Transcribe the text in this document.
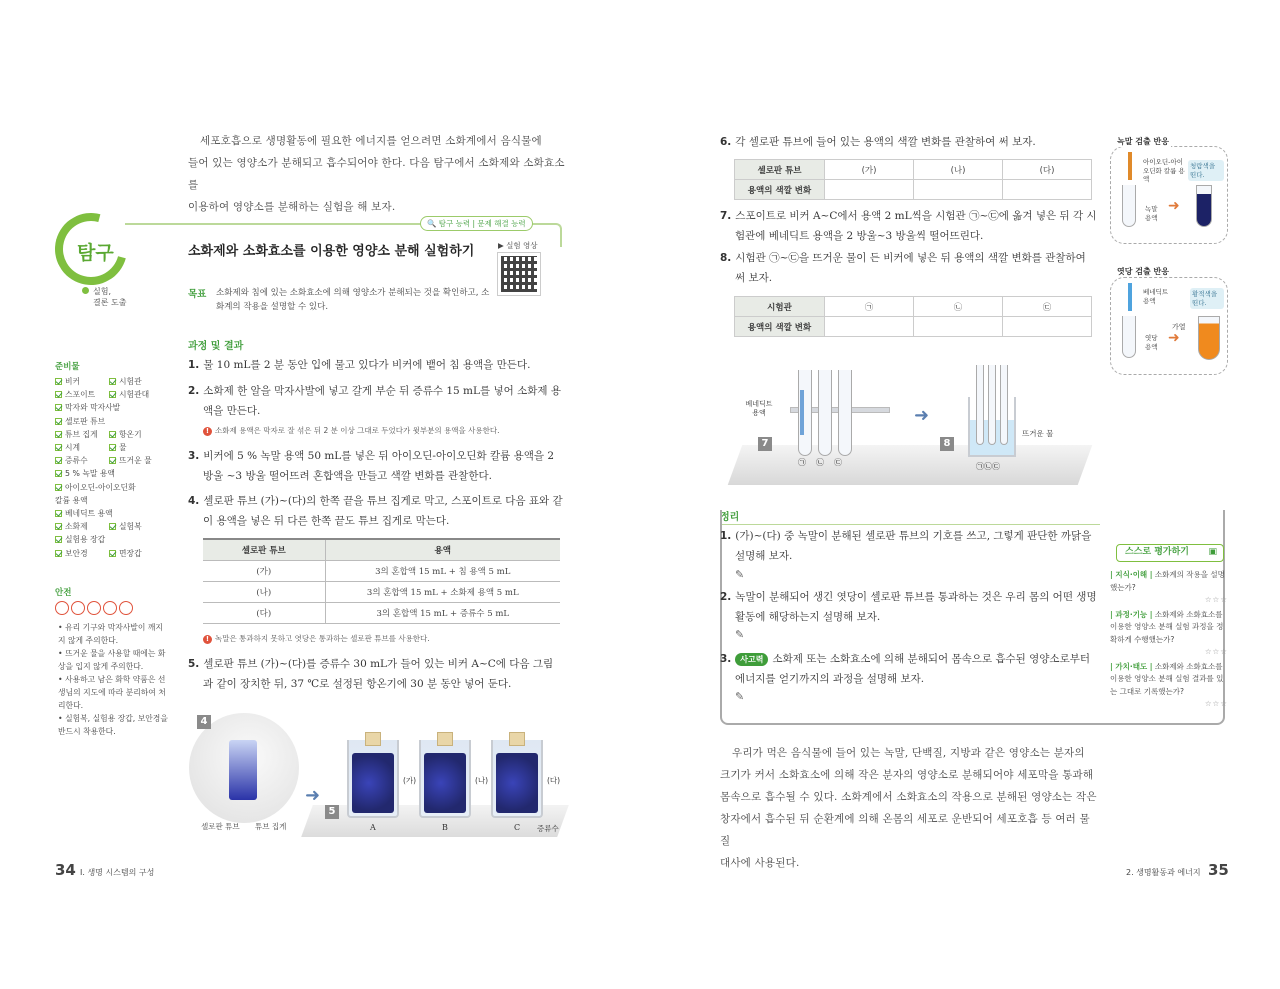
세포호흡으로 생명활동에 필요한 에너지를 얻으려면 소화계에서 음식물에
들어 있는 영양소가 분해되고 흡수되어야 한다. 다음 탐구에서 소화제와 소화효소를
이용하여 영양소를 분해하는 실험을 해 보자.
탐구
🔍 탐구 능력 | 문제 해결 능력
실험,
결론 도출
소화제와 소화효소를 이용한 영양소 분해 실험하기	▶ 실험 영상
목표 소화제와 침에 있는 소화효소에 의해 영양소가 분해되는 것을 확인하고, 소화계의 작용을 설명할 수 있다.
과정 및 결과
준비물
비커	시험관
스포이트	시험관대
막자와 막자사발
셀로판 튜브
튜브 집게	항온기
시계	물
증류수	뜨거운 물
5 % 녹말 용액
아이오딘-아이오딘화 칼륨 용액
베네딕트 용액
소화제	실험복
실험용 장갑
보안경	면장갑
안전
• 유리 기구와 막자사발이 깨지지 않게 주의한다.
• 뜨거운 물을 사용할 때에는 화상을 입지 않게 주의한다.
• 사용하고 남은 화학 약품은 선생님의 지도에 따라 분리하여 처리한다.
• 실험복, 실험용 장갑, 보안경을 반드시 착용한다.
1. 물 10 mL를 2 분 동안 입에 물고 있다가 비커에 뱉어 침 용액을 만든다.
2. 소화제 한 알을 막자사발에 넣고 갈게 부순 뒤 증류수 15 mL를 넣어 소화제 용액을 만든다.
! 소화제 용액은 막자로 잘 섞은 뒤 2 분 이상 그대로 두었다가 윗부분의 용액을 사용한다.
3. 비커에 5 % 녹말 용액 50 mL를 넣은 뒤 아이오딘-아이오딘화 칼륨 용액을 2 방울 ~3 방울 떨어뜨려 혼합액을 만들고 색깔 변화를 관찰한다.
4. 셀로판 튜브 (가)~(다)의 한쪽 끝을 튜브 집게로 막고, 스포이트로 다음 표와 같이 용액을 넣은 뒤 다른 한쪽 끝도 튜브 집게로 막는다.
셀로판 튜브	용액
(가)	3의 혼합액 15 mL + 침 용액 5 mL
(나)	3의 혼합액 15 mL + 소화제 용액 5 mL
(다)	3의 혼합액 15 mL + 증류수 5 mL
! 녹말은 통과하지 못하고 엿당은 통과하는 셀로판 튜브를 사용한다.
5. 셀로판 튜브 (가)~(다)를 증류수 30 mL가 들어 있는 비커 A~C에 다음 그림과 같이 장치한 뒤, 37 ℃로 설정된 항온기에 30 분 동안 넣어 둔다.
4
셀로판 튜브 튜브 집게
➜
5
(가)	(나)	(다)
A	B	C 증류수
34 I. 생명 시스템의 구성
6. 각 셀로판 튜브에 들어 있는 용액의 색깔 변화를 관찰하여 써 보자.
셀로판 튜브	(가)	(나)	(다)
용액의 색깔 변화			
7. 스포이트로 비커 A~C에서 용액 2 mL씩을 시험관 ㉠~㉢에 옮겨 넣은 뒤 각 시험관에 베네딕트 용액을 2 방울~3 방울씩 떨어뜨린다.
8. 시험관 ㉠~㉢을 뜨거운 물이 든 비커에 넣은 뒤 용액의 색깔 변화를 관찰하여 써 보자.
시험관	㉠	㉡	㉢
용액의 색깔 변화			
베네딕트 용액
7
㉠ ㉡ ㉢
➜
8
뜨거운 물
㉠㉡㉢
녹말 검출 반응
아이오딘-아이오딘화 칼륨 용액
녹말 용액
➜
청람색을 띤다.
엿당 검출 반응
베네딕트 용액
엿당 용액
가열
➜
황적색을 띤다.
정리
1. (가)~(다) 중 녹말이 분해된 셀로판 튜브의 기호를 쓰고, 그렇게 판단한 까닭을 설명해 보자.
✎
2. 녹말이 분해되어 생긴 엿당이 셀로판 튜브를 통과하는 것은 우리 몸의 어떤 생명 활동에 해당하는지 설명해 보자.
✎
3. 사고력 소화제 또는 소화효소에 의해 분해되어 몸속으로 흡수된 영양소로부터 에너지를 얻기까지의 과정을 설명해 보자.
✎
스스로 평가하기 ▣
| 지식·이해 | 소화계의 작용을 설명했는가?
☆☆☆
| 과정·기능 | 소화제와 소화효소를 이용한 영양소 분해 실험 과정을 정확하게 수행했는가?
☆☆☆
| 가치·태도 | 소화제와 소화효소를 이용한 영양소 분해 실험 결과를 있는 그대로 기록했는가?
☆☆☆
우리가 먹은 음식물에 들어 있는 녹말, 단백질, 지방과 같은 영양소는 분자의
크기가 커서 소화효소에 의해 작은 분자의 영양소로 분해되어야 세포막을 통과해
몸속으로 흡수될 수 있다. 소화계에서 소화효소의 작용으로 분해된 영양소는 작은
창자에서 흡수된 뒤 순환계에 의해 온몸의 세포로 운반되어 세포호흡 등 여러 물질
대사에 사용된다.
2. 생명활동과 에너지 35
